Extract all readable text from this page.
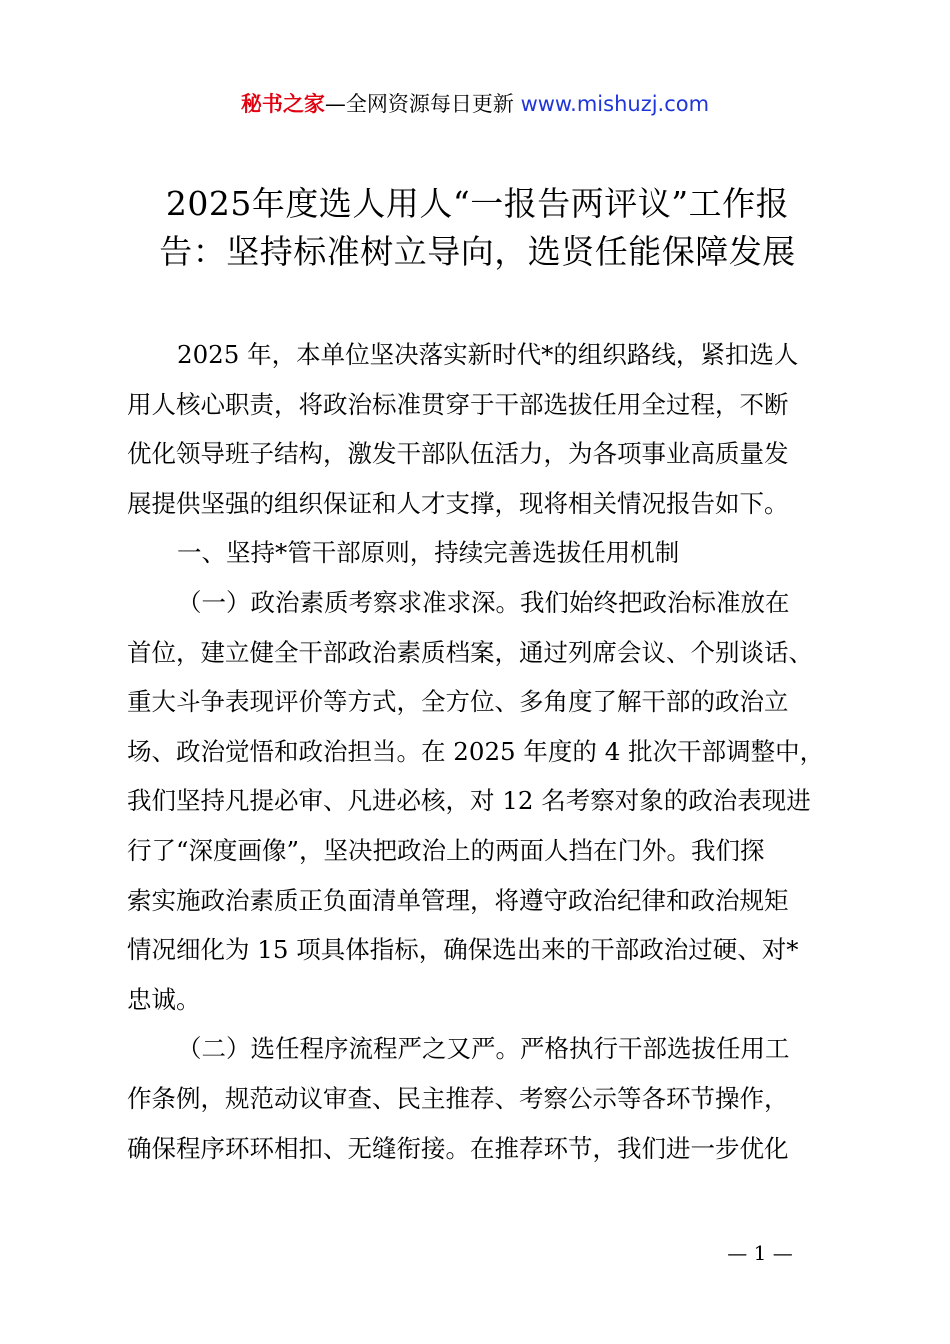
秘书之家—全网资源每日更新 www.mishuzj.com
2025年度选人用人“一报告两评议”工作报
告：坚持标准树立导向，选贤任能保障发展
2025 年，本单位坚决落实新时代*的组织路线，紧扣选人
用人核心职责，将政治标准贯穿于干部选拔任用全过程，不断
优化领导班子结构，激发干部队伍活力，为各项事业高质量发
展提供坚强的组织保证和人才支撑，现将相关情况报告如下。
一、坚持*管干部原则，持续完善选拔任用机制
（一）政治素质考察求准求深。我们始终把政治标准放在
首位，建立健全干部政治素质档案，通过列席会议、个别谈话、
重大斗争表现评价等方式，全方位、多角度了解干部的政治立
场、政治觉悟和政治担当。在 2025 年度的 4 批次干部调整中，
我们坚持凡提必审、凡进必核，对 12 名考察对象的政治表现进
行了“深度画像”，坚决把政治上的两面人挡在门外。我们探
索实施政治素质正负面清单管理，将遵守政治纪律和政治规矩
情况细化为 15 项具体指标，确保选出来的干部政治过硬、对*
忠诚。
（二）选任程序流程严之又严。严格执行干部选拔任用工
作条例，规范动议审查、民主推荐、考察公示等各环节操作，
确保程序环环相扣、无缝衔接。在推荐环节，我们进一步优化
— 1 —
